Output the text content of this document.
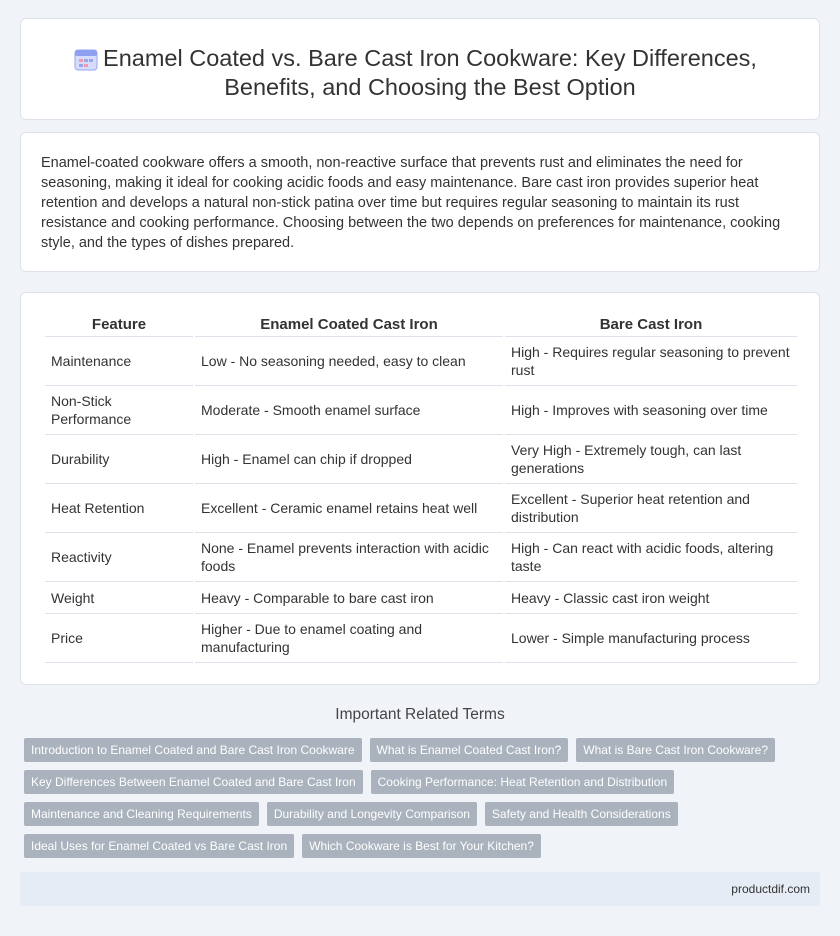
Enamel Coated vs. Bare Cast Iron Cookware: Key Differences, Benefits, and Choosing the Best Option

Enamel-coated cookware offers a smooth, non-reactive surface that prevents rust and eliminates the need for seasoning, making it ideal for cooking acidic foods and easy maintenance. Bare cast iron provides superior heat retention and develops a natural non-stick patina over time but requires regular seasoning to maintain its rust resistance and cooking performance. Choosing between the two depends on preferences for maintenance, cooking style, and the types of dishes prepared.

Feature	Enamel Coated Cast Iron	Bare Cast Iron
Maintenance	Low - No seasoning needed, easy to clean	High - Requires regular seasoning to prevent rust
Non-Stick Performance	Moderate - Smooth enamel surface	High - Improves with seasoning over time
Durability	High - Enamel can chip if dropped	Very High - Extremely tough, can last generations
Heat Retention	Excellent - Ceramic enamel retains heat well	Excellent - Superior heat retention and distribution
Reactivity	None - Enamel prevents interaction with acidic foods	High - Can react with acidic foods, altering taste
Weight	Heavy - Comparable to bare cast iron	Heavy - Classic cast iron weight
Price	Higher - Due to enamel coating and manufacturing	Lower - Simple manufacturing process
Important Related Terms
Introduction to Enamel Coated and Bare Cast Iron Cookware	What is Enamel Coated Cast Iron?	What is Bare Cast Iron Cookware?
Key Differences Between Enamel Coated and Bare Cast Iron	Cooking Performance: Heat Retention and Distribution
Maintenance and Cleaning Requirements	Durability and Longevity Comparison	Safety and Health Considerations
Ideal Uses for Enamel Coated vs Bare Cast Iron	Which Cookware is Best for Your Kitchen?
productdif.com
